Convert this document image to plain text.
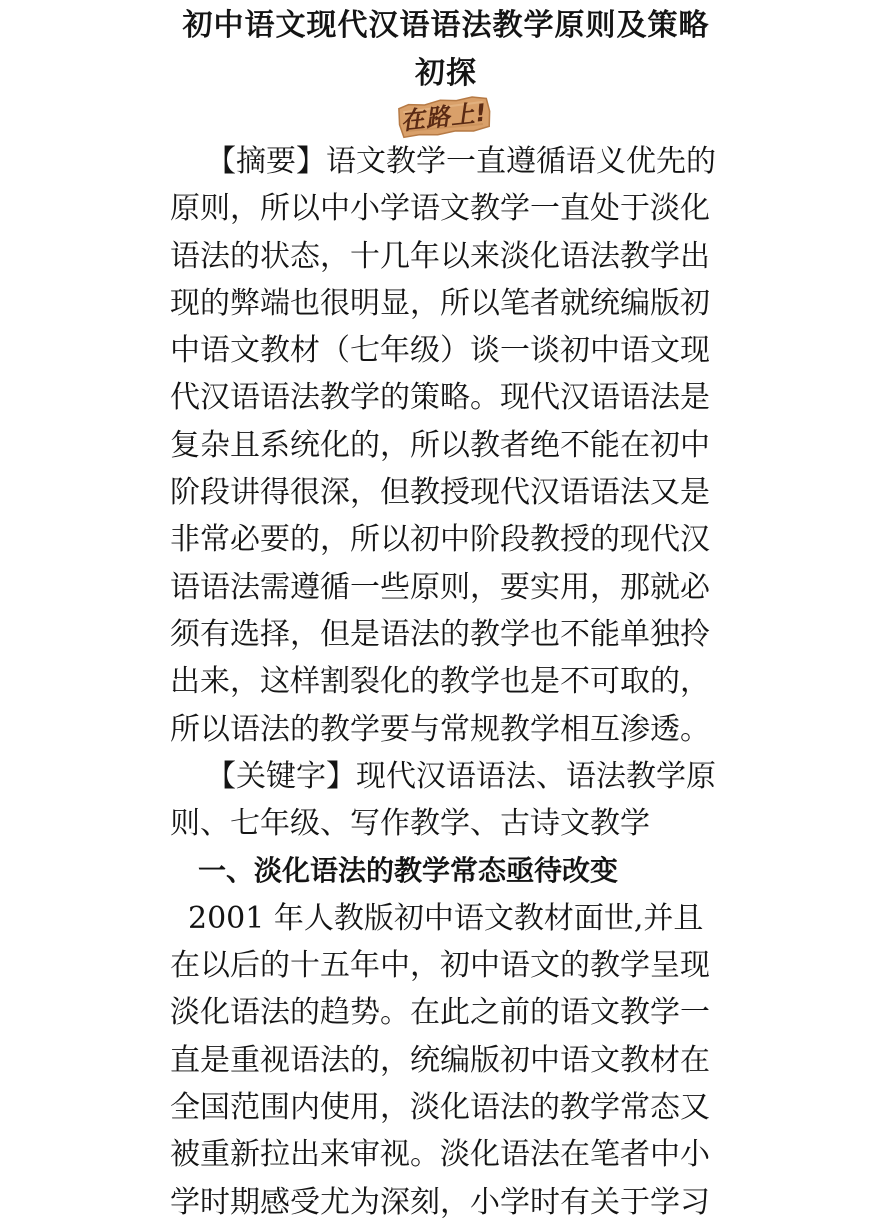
初中语文现代汉语语法教学原则及策略初探
在路上!

【摘要】语文教学一直遵循语义优先的原则，所以中小学语文教学一直处于淡化语法的状态，十几年以来淡化语法教学出现的弊端也很明显，所以笔者就统编版初中语文教材（七年级）谈一谈初中语文现代汉语语法教学的策略。现代汉语语法是复杂且系统化的，所以教者绝不能在初中阶段讲得很深，但教授现代汉语语法又是非常必要的，所以初中阶段教授的现代汉语语法需遵循一些原则，要实用，那就必须有选择，但是语法的教学也不能单独拎出来，这样割裂化的教学也是不可取的，所以语法的教学要与常规教学相互渗透。

【关键字】现代汉语语法、语法教学原则、七年级、写作教学、古诗文教学

一、淡化语法的教学常态亟待改变

2001 年人教版初中语文教材面世,并且在以后的十五年中，初中语文的教学呈现淡化语法的趋势。在此之前的语文教学一直是重视语法的，统编版初中语文教材在全国范围内使用，淡化语法的教学常态又被重新拉出来审视。淡化语法在笔者中小学时期感受尤为深刻，小学时有关于学习
